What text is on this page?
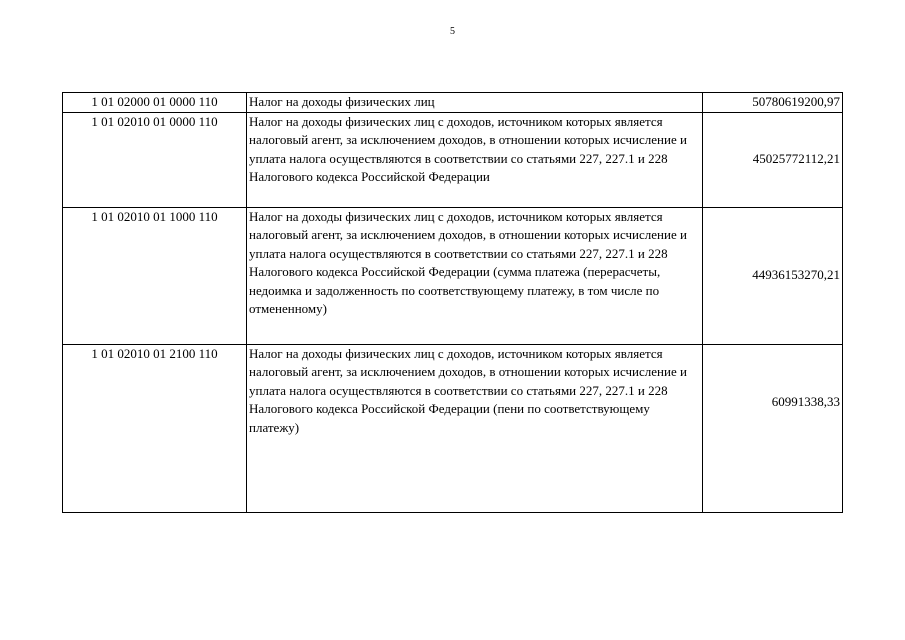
5
1 01 02000 01 0000 110	Налог на доходы физических лиц	50780619200,97
1 01 02010 01 0000 110	Налог на доходы физических лиц с доходов, источником которых является налоговый агент, за исключением доходов, в отношении которых исчисление и уплата налога осуществляются в соответствии со статьями 227, 227.1 и 228 Налогового кодекса Российской Федерации	45025772112,21
1 01 02010 01 1000 110	Налог на доходы физических лиц с доходов, источником которых является налоговый агент, за исключением доходов, в отношении которых исчисление и уплата налога осуществляются в соответствии со статьями 227, 227.1 и 228 Налогового кодекса Российской Федерации (сумма платежа (перерасчеты, недоимка и задолженность по соответствующему платежу, в том числе по отмененному)	44936153270,21
1 01 02010 01 2100 110	Налог на доходы физических лиц с доходов, источником которых является налоговый агент, за исключением доходов, в отношении которых исчисление и уплата налога осуществляются в соответствии со статьями 227, 227.1 и 228 Налогового кодекса Российской Федерации (пени по соответствующему платежу)	60991338,33
